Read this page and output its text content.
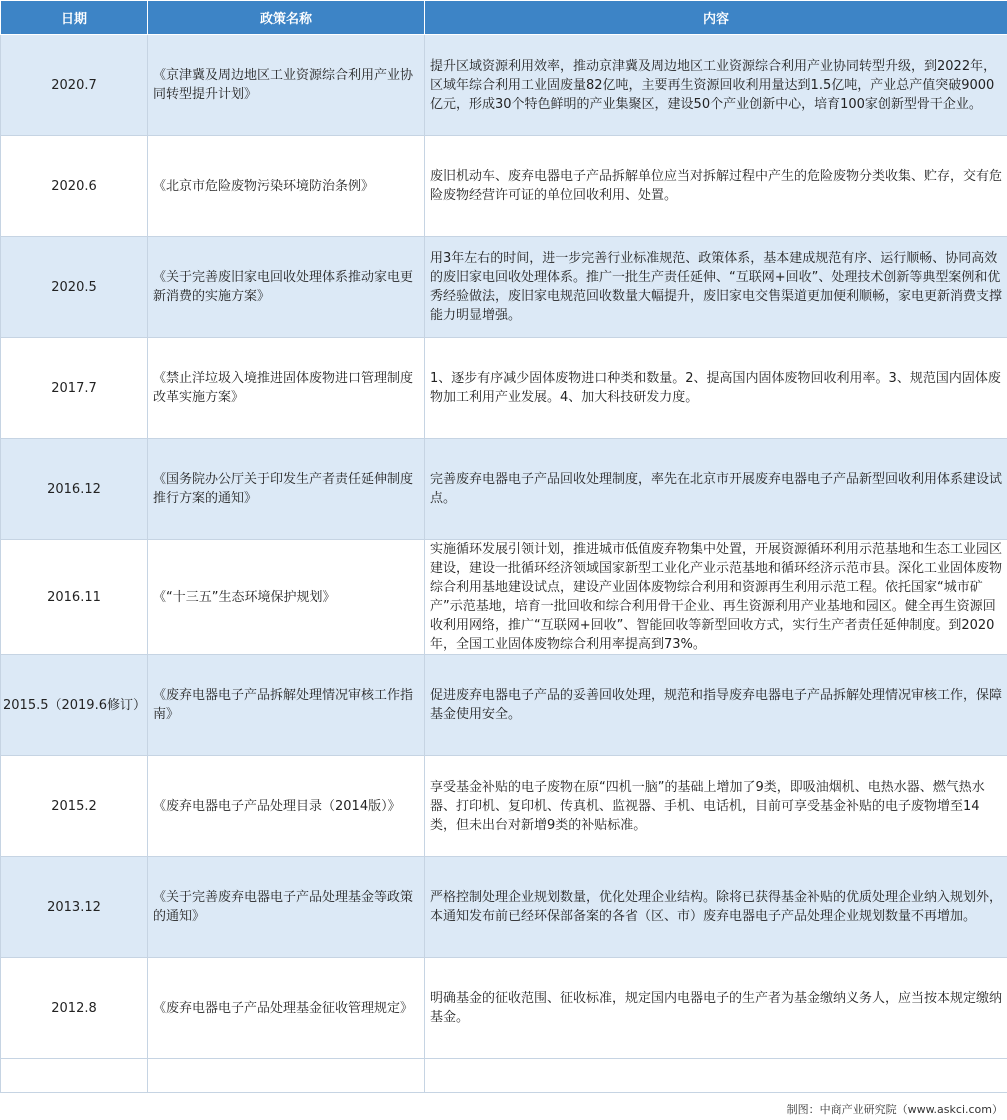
日期	政策名称	内容
2020.7	《京津冀及周边地区工业资源综合利用产业协同转型提升计划》	提升区域资源利用效率，推动京津冀及周边地区工业资源综合利用产业协同转型升级，到2022年，区域年综合利用工业固废量82亿吨，主要再生资源回收利用量达到1.5亿吨，产业总产值突破9000亿元，形成30个特色鲜明的产业集聚区，建设50个产业创新中心，培育100家创新型骨干企业。
2020.6	《北京市危险废物污染环境防治条例》	废旧机动车、废弃电器电子产品拆解单位应当对拆解过程中产生的危险废物分类收集、贮存，交有危险废物经营许可证的单位回收利用、处置。
2020.5	《关于完善废旧家电回收处理体系推动家电更新消费的实施方案》	用3年左右的时间，进一步完善行业标准规范、政策体系，基本建成规范有序、运行顺畅、协同高效的废旧家电回收处理体系。推广一批生产责任延伸、“互联网+回收”、处理技术创新等典型案例和优秀经验做法，废旧家电规范回收数量大幅提升，废旧家电交售渠道更加便利顺畅，家电更新消费支撑能力明显增强。
2017.7	《禁止洋垃圾入境推进固体废物进口管理制度改革实施方案》	1、逐步有序减少固体废物进口种类和数量。2、提高国内固体废物回收利用率。3、规范国内固体废物加工利用产业发展。4、加大科技研发力度。
2016.12	《国务院办公厅关于印发生产者责任延伸制度推行方案的通知》	完善废弃电器电子产品回收处理制度，率先在北京市开展废弃电器电子产品新型回收利用体系建设试点。
2016.11	《“十三五”生态环境保护规划》	实施循环发展引领计划，推进城市低值废弃物集中处置，开展资源循环利用示范基地和生态工业园区建设，建设一批循环经济领域国家新型工业化产业示范基地和循环经济示范市县。深化工业固体废物综合利用基地建设试点，建设产业固体废物综合利用和资源再生利用示范工程。依托国家“城市矿产”示范基地，培育一批回收和综合利用骨干企业、再生资源利用产业基地和园区。健全再生资源回收利用网络，推广“互联网+回收”、智能回收等新型回收方式，实行生产者责任延伸制度。到2020年，全国工业固体废物综合利用率提高到73%。
2015.5（2019.6修订）	《废弃电器电子产品拆解处理情况审核工作指南》	促进废弃电器电子产品的妥善回收处理，规范和指导废弃电器电子产品拆解处理情况审核工作，保障基金使用安全。
2015.2	《废弃电器电子产品处理目录（2014版）》	享受基金补贴的电子废物在原“四机一脑”的基础上增加了9类，即吸油烟机、电热水器、燃气热水器、打印机、复印机、传真机、监视器、手机、电话机，目前可享受基金补贴的电子废物增至14类，但未出台对新增9类的补贴标准。
2013.12	《关于完善废弃电器电子产品处理基金等政策的通知》	严格控制处理企业规划数量，优化处理企业结构。除将已获得基金补贴的优质处理企业纳入规划外，本通知发布前已经环保部备案的各省（区、市）废弃电器电子产品处理企业规划数量不再增加。
2012.8	《废弃电器电子产品处理基金征收管理规定》	明确基金的征收范围、征收标准，规定国内电器电子的生产者为基金缴纳义务人，应当按本规定缴纳基金。

制图：中商产业研究院（www.askci.com）
